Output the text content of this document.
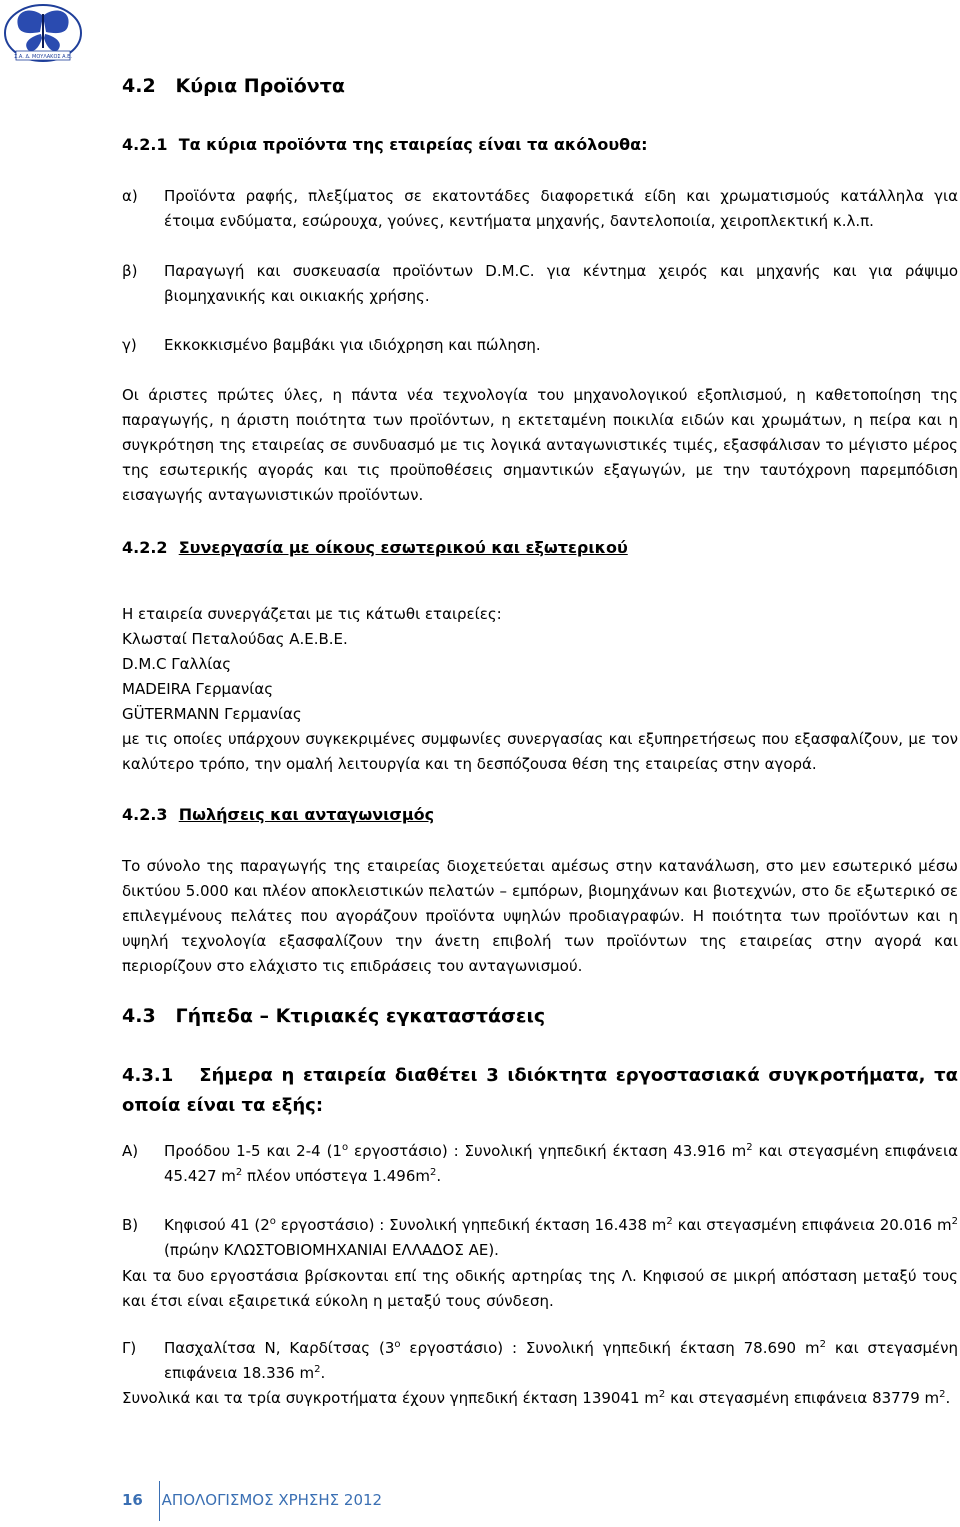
Σ.Α. Δ. ΜΟΥΛΑΚΟΣ Α.Ε.
4.2 Κύρια Προϊόντα
4.2.1 Τα κύρια προϊόντα της εταιρείας είναι τα ακόλουθα:
α) Προϊόντα ραφής, πλεξίματος σε εκατοντάδες διαφορετικά είδη και χρωματισμούς κατάλληλα για έτοιμα ενδύματα, εσώρουχα, γούνες, κεντήματα μηχανής, δαντελοποιία, χειροπλεκτική κ.λ.π.
β) Παραγωγή και συσκευασία προϊόντων D.M.C. για κέντημα χειρός και μηχανής και για ράψιμο βιομηχανικής και οικιακής χρήσης.
γ) Εκκοκκισμένο βαμβάκι για ιδιόχρηση και πώληση.
Οι άριστες πρώτες ύλες, η πάντα νέα τεχνολογία του μηχανολογικού εξοπλισμού, η καθετοποίηση της παραγωγής, η άριστη ποιότητα των προϊόντων, η εκτεταμένη ποικιλία ειδών και χρωμάτων, η πείρα και η συγκρότηση της εταιρείας σε συνδυασμό με τις λογικά ανταγωνιστικές τιμές, εξασφάλισαν το μέγιστο μέρος της εσωτερικής αγοράς και τις προϋποθέσεις σημαντικών εξαγωγών, με την ταυτόχρονη παρεμπόδιση εισαγωγής ανταγωνιστικών προϊόντων.
4.2.2 Συνεργασία με οίκους εσωτερικού και εξωτερικού
Η εταιρεία συνεργάζεται με τις κάτωθι εταιρείες:
Κλωσταί Πεταλούδας Α.Ε.Β.Ε.
D.M.C Γαλλίας
MADEIRA Γερμανίας
GÜTERMANN Γερμανίας
με τις οποίες υπάρχουν συγκεκριμένες συμφωνίες συνεργασίας και εξυπηρετήσεως που εξασφαλίζουν, με τον καλύτερο τρόπο, την ομαλή λειτουργία και τη δεσπόζουσα θέση της εταιρείας στην αγορά.
4.2.3 Πωλήσεις και ανταγωνισμός
Το σύνολο της παραγωγής της εταιρείας διοχετεύεται αμέσως στην κατανάλωση, στο μεν εσωτερικό μέσω δικτύου 5.000 και πλέον αποκλειστικών πελατών – εμπόρων, βιομηχάνων και βιοτεχνών, στο δε εξωτερικό σε επιλεγμένους πελάτες που αγοράζουν προϊόντα υψηλών προδιαγραφών. Η ποιότητα των προϊόντων και η υψηλή τεχνολογία εξασφαλίζουν την άνετη επιβολή των προϊόντων της εταιρείας στην αγορά και περιορίζουν στο ελάχιστο τις επιδράσεις του ανταγωνισμού.
4.3 Γήπεδα – Κτιριακές εγκαταστάσεις
4.3.1 Σήμερα η εταιρεία διαθέτει 3 ιδιόκτητα εργοστασιακά συγκροτήματα, τα οποία είναι τα εξής:
Α) Προόδου 1-5 και 2-4 ($1^o$ εργοστάσιο) : Συνολική γηπεδική έκταση 43.916 $m^2$ και στεγασμένη επιφάνεια 45.427 $m^2$ πλέον υπόστεγα $1.496m^2$.
Β) Κηφισού 41 ($2^o$ εργοστάσιο) : Συνολική γηπεδική έκταση 16.438 $m^2$ και στεγασμένη επιφάνεια 20.016 $m^2$ (πρώην ΚΛΩΣΤΟΒΙΟΜΗΧΑΝΙΑΙ ΕΛΛΑΔΟΣ ΑΕ).
Και τα δυο εργοστάσια βρίσκονται επί της οδικής αρτηρίας της Λ. Κηφισού σε μικρή απόσταση μεταξύ τους και έτσι είναι εξαιρετικά εύκολη η μεταξύ τους σύνδεση.
Γ) Πασχαλίτσα Ν, Καρδίτσας ($3^o$ εργοστάσιο) : Συνολική γηπεδική έκταση 78.690 $m^2$ και στεγασμένη επιφάνεια 18.336 $m^2$.
Συνολικά και τα τρία συγκροτήματα έχουν γηπεδική έκταση 139041 $m^2$ και στεγασμένη επιφάνεια 83779 $m^2$.
16 ΑΠΟΛΟΓΙΣΜΟΣ ΧΡΗΣΗΣ 2012
